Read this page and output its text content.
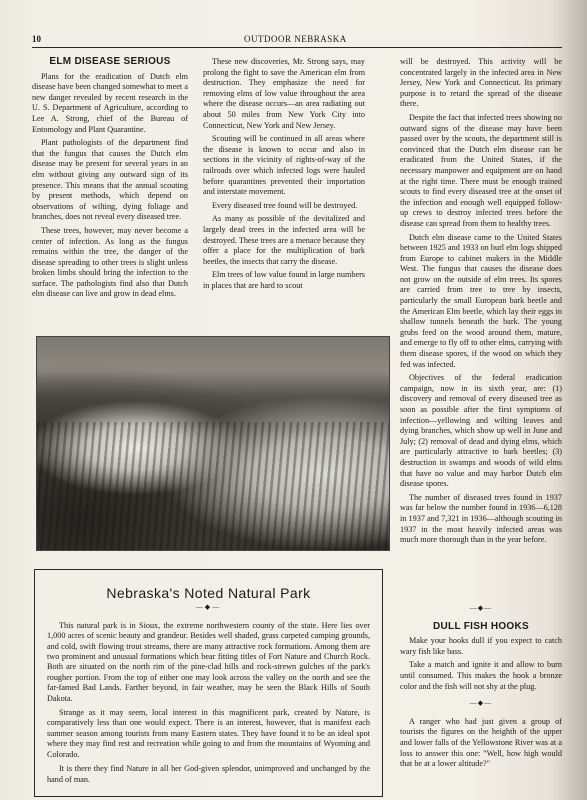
10	OUTDOOR NEBRASKA
ELM DISEASE SERIOUS

Plans for the eradication of Dutch elm disease have been changed somewhat to meet a new danger revealed by recent research in the U. S. Department of Agriculture, according to Lee A. Strong, chief of the Bureau of Entomology and Plant Quarantine.

Plant pathologists of the department find that the fungus that causes the Dutch elm disease may be present for several years in an elm without giving any outward sign of its presence. This means that the annual scouting by present methods, which depend on observations of wilting, dying foliage and branches, does not reveal every diseased tree.

These trees, however, may never become a center of infection. As long as the fungus remains within the tree, the danger of the disease spreading to other trees is slight unless broken limbs should bring the infection to the surface. The pathologists find also that Dutch elm disease can live and grow in dead elms.

These new discoveries, Mr. Strong says, may prolong the fight to save the American elm from destruction. They emphasize the need for removing elms of low value throughout the area where the disease occurs—an area radiating out about 50 miles from New York City into Connecticut, New York and New Jersey.

Scouting will be continued in all areas where the disease is known to occur and also in sections in the vicinity of rights-of-way of the railroads over which infected logs were hauled before quarantines prevented their importation and interstate movement.

Every diseased tree found will be destroyed.

As many as possible of the devitalized and largely dead trees in the infected area will be destroyed. These trees are a menace because they offer a place for the multiplication of bark beetles, the insects that carry the disease.

Elm trees of low value found in large numbers in places that are hard to scout

will be destroyed. This activity will be concentrated largely in the infected area in New Jersey, New York and Connecticut. Its primary purpose is to retard the spread of the disease there.

Despite the fact that infected trees showing no outward signs of the disease may have been passed over by the scouts, the department still is convinced that the Dutch elm disease can be eradicated from the United States, if the necessary manpower and equipment are on hand at the right time. There must be enough trained scouts to find every diseased tree at the onset of the infection and enough well equipped follow-up crews to destroy infected trees before the disease can spread from them to healthy trees.

Dutch elm disease came to the United States between 1925 and 1933 on burl elm logs shipped from Europe to cabinet makers in the Middle West. The fungus that causes the disease does not grow on the outside of elm trees. Its spores are carried from tree to tree by insects, particularly the small European bark beetle and the American Elm beetle, which lay their eggs in shallow tunnels beneath the bark. The young grubs feed on the wood around them, mature, and emerge to fly off to other elms, carrying with them disease spores, if the wood on which they fed was infected.

Objectives of the federal eradication campaign, now in its sixth year, are: (1) discovery and removal of every diseased tree as soon as possible after the first symptoms of infection—yellowing and wilting leaves and dying branches, which show up well in June and July; (2) removal of dead and dying elms, which are particularly attractive to bark beetles; (3) destruction in swamps and woods of wild elms that have no value and may harbor Dutch elm disease spores.

The number of diseased trees found in 1937 was far below the number found in 1936—6,128 in 1937 and 7,321 in 1936—although scouting in 1937 in the most heavily infected areas was much more thorough than in the year before.

—◆—
DULL FISH HOOKS

Make your hooks dull if you expect to catch wary fish like bass.

Take a match and ignite it and allow to burn until consumed. This makes the hook a bronze color and the fish will not shy at the plug.

—◆—

A ranger who had just given a group of tourists the figures on the heighth of the upper and lower falls of the Yellowstone River was at a loss to answer this one: "Well, how high would that be at a lower altitude?"

Nebraska's Noted Natural Park
—◆—

This natural park is in Sioux, the extreme northwestern county of the state. Here lies over 1,000 acres of scenic beauty and grandeur. Besides well shaded, grass carpeted camping grounds, and cold, swift flowing trout streams, there are many attractive rock formations. Among them are two prominent and unusual formations which bear fitting titles of Fort Nature and Church Rock. Both are situated on the north rim of the pine-clad hills and rock-strewn gulches of the park's rougher portion. From the top of either one may look across the valley on the north and see the far-famed Bad Lands. Farther beyond, in fair weather, may be seen the Black Hills of South Dakota.

Strange as it may seem, local interest in this magnificent park, created by Nature, is comparatively less than one would expect. There is an interest, however, that is manifest each summer season among tourists from many Eastern states. They have found it to be an ideal spot where they may find rest and recreation while going to and from the mountains of Wyoming and Colorado.

It is there they find Nature in all her God-given splendor, unimproved and unchanged by the hand of man.
